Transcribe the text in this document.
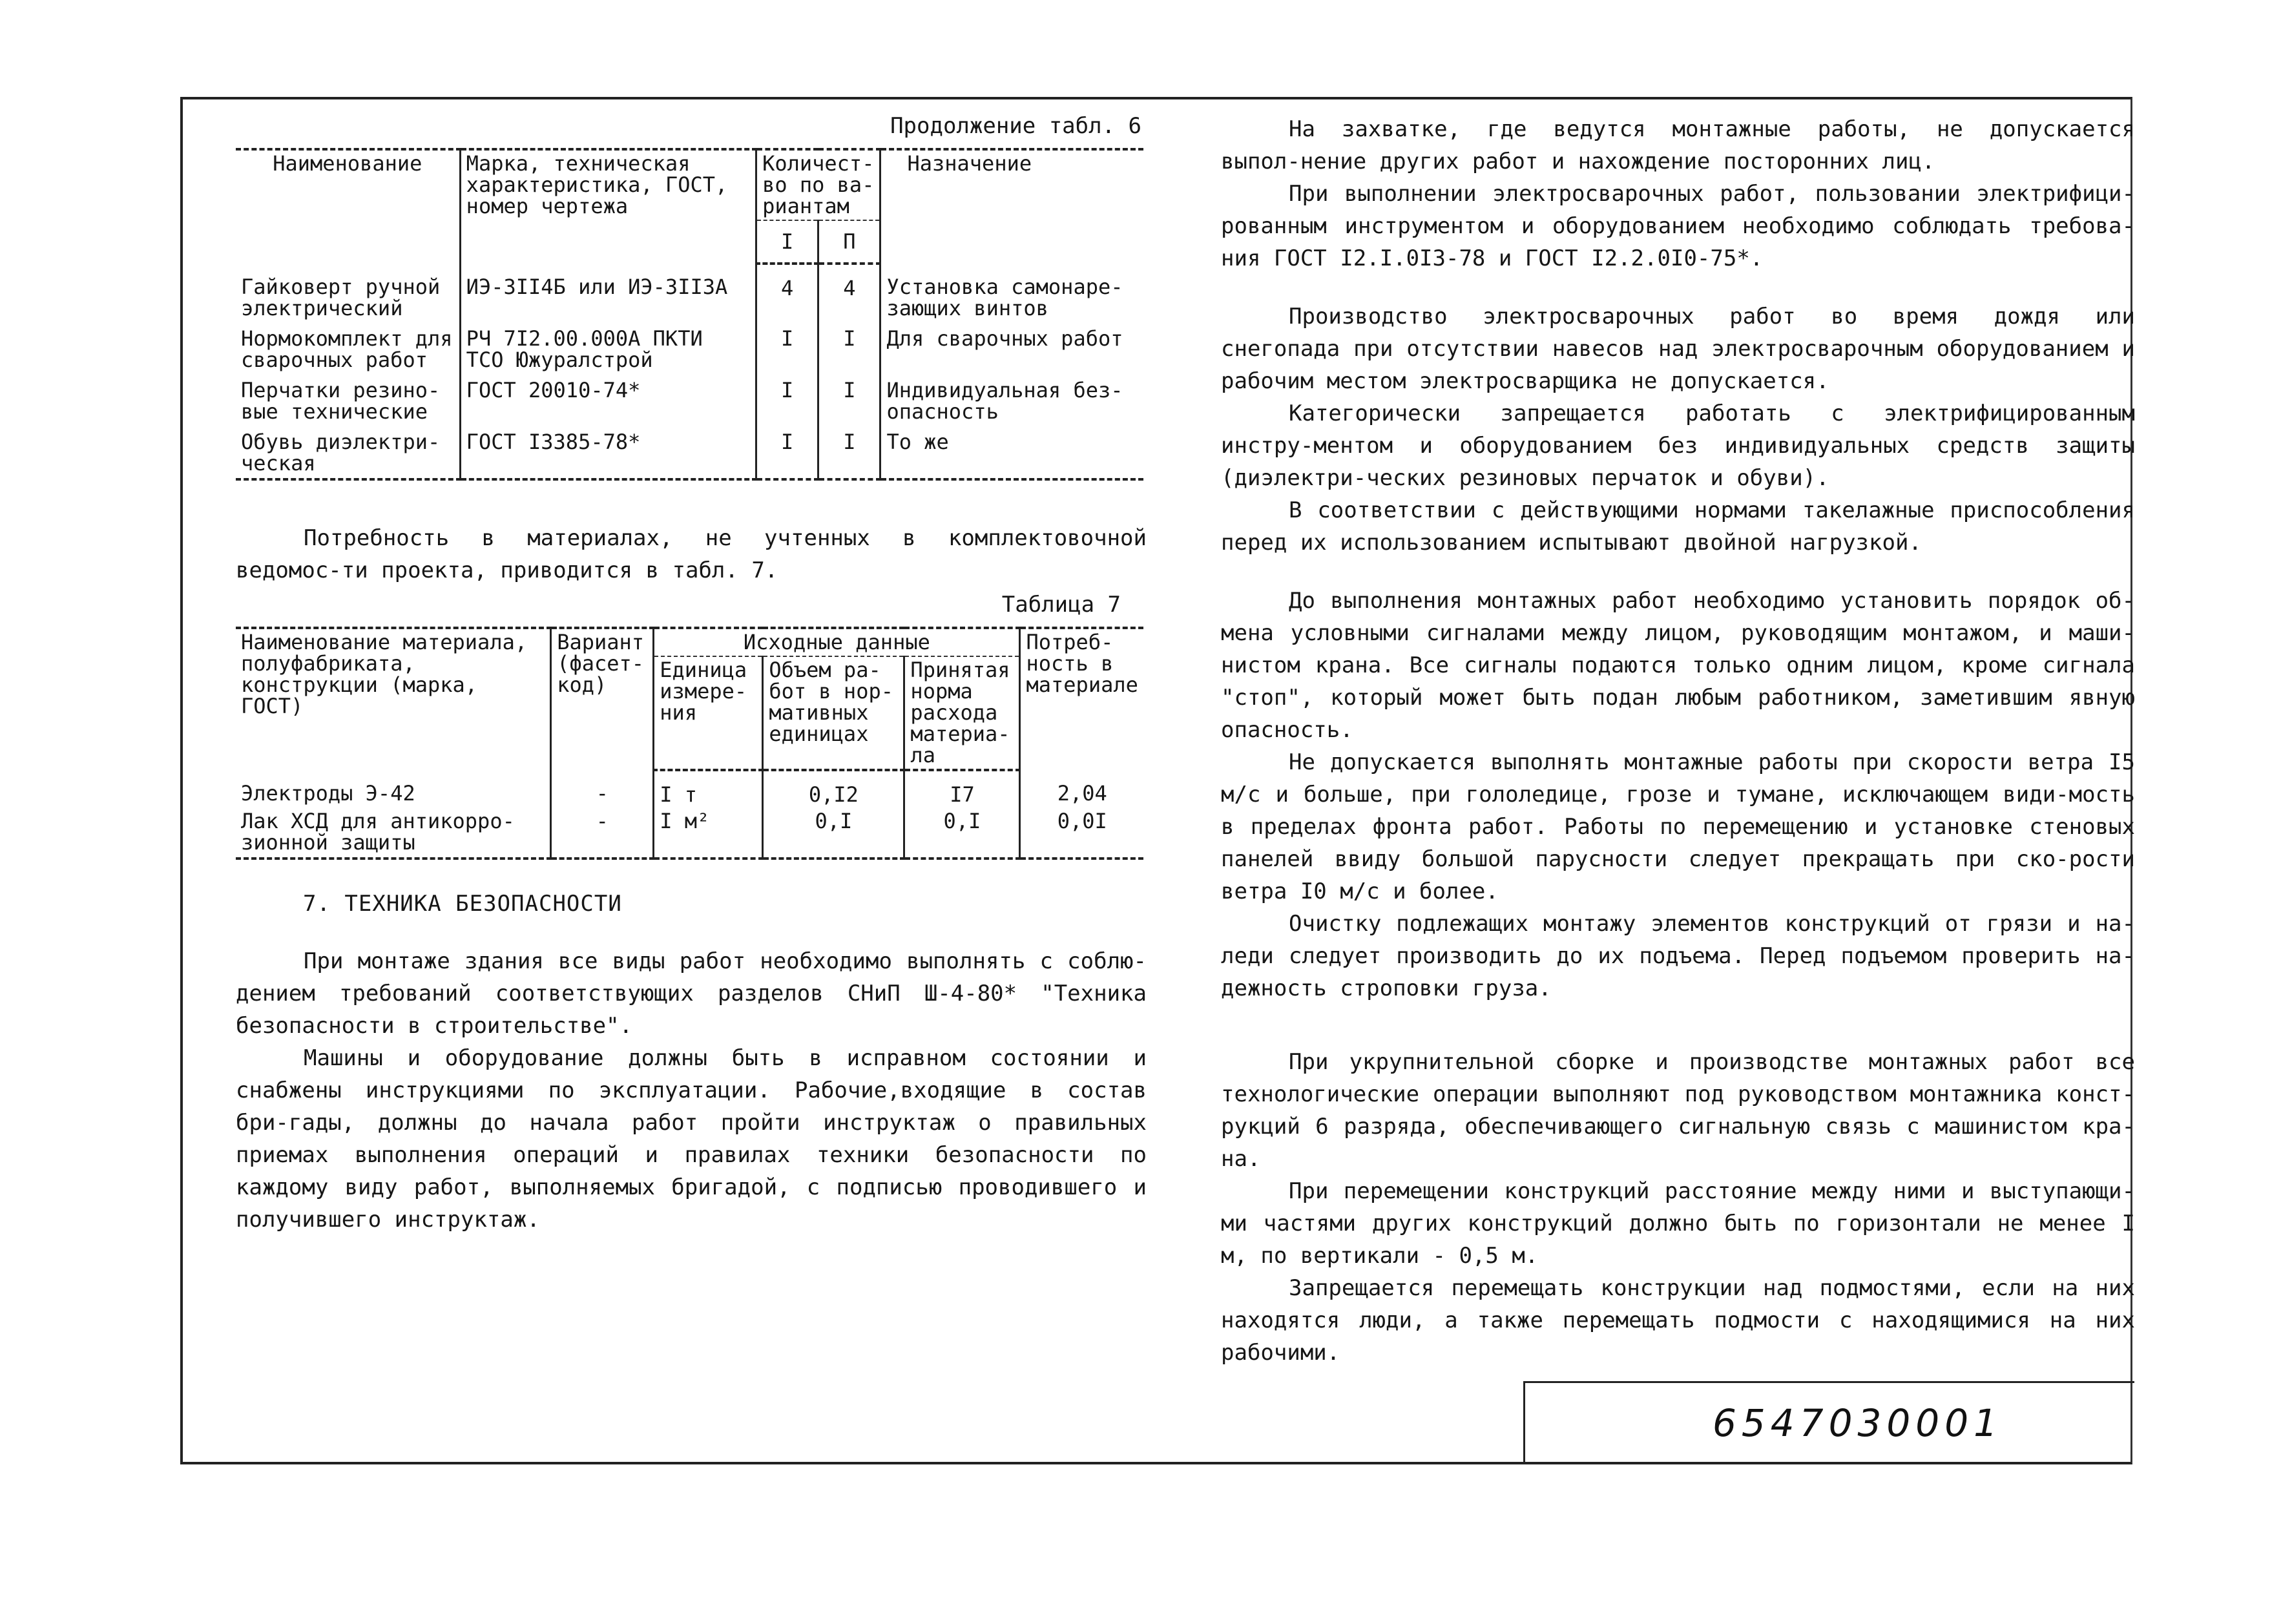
Продолжение табл. 6
Наименование	Марка, техническая характеристика, ГОСТ, номер чертежа	Количест-во по ва-риантам		Назначение
		I	П	
Гайковерт ручной электрический	ИЭ-3II4Б или ИЭ-3II3А	4	4	Установка самонаре-зающих винтов
Нормокомплект для сварочных работ	РЧ 7I2.00.000А ПКТИ ТСО Южуралстрой	I	I	Для сварочных работ
Перчатки резино-вые технические	ГОСТ 20010-74*	I	I	Индивидуальная без-опасность
Обувь диэлектри-ческая	ГОСТ I3385-78*	I	I	То же

Потребность в материалах, не учтенных в комплектовочной ведомос-ти проекта, приводится в табл. 7.

Таблица 7
Наименование материала, полуфабриката, конструкции (марка, ГОСТ)	Вариант (фасет-код)	Исходные данные			Потреб-ность в материале
		Единица измере-ния	Объем ра-бот в нор-мативных единицах	Принятая норма расхода материа-ла	
Электроды Э-42	-	I т	0,I2	I7	2,04
Лак ХСД для антикорро-зионной защиты	-	I м²	0,I	0,I	0,0I
7. ТЕХНИКА БЕЗОПАСНОСТИ

При монтаже здания все виды работ необходимо выполнять с соблю-дением требований соответствующих разделов СНиП Ш-4-80* "Техника безопасности в строительстве".

Машины и оборудование должны быть в исправном состоянии и снабжены инструкциями по эксплуатации. Рабочие,входящие в состав бри-гады, должны до начала работ пройти инструктаж о правильных приемах выполнения операций и правилах техники безопасности по каждому виду работ, выполняемых бригадой, с подписью проводившего и получившего инструктаж.

На захватке, где ведутся монтажные работы, не допускается выпол-нение других работ и нахождение посторонних лиц.

При выполнении электросварочных работ, пользовании электрифици-рованным инструментом и оборудованием необходимо соблюдать требова-ния ГОСТ I2.I.0I3-78 и ГОСТ I2.2.0I0-75*.

Производство электросварочных работ во время дождя или снегопада при отсутствии навесов над электросварочным оборудованием и рабочим местом электросварщика не допускается.

Категорически запрещается работать с электрифицированным инстру-ментом и оборудованием без индивидуальных средств защиты (диэлектри-ческих резиновых перчаток и обуви).

В соответствии с действующими нормами такелажные приспособления перед их использованием испытывают двойной нагрузкой.

До выполнения монтажных работ необходимо установить порядок об-мена условными сигналами между лицом, руководящим монтажом, и маши-нистом крана. Все сигналы подаются только одним лицом, кроме сигнала "стоп", который может быть подан любым работником, заметившим явную опасность.

Не допускается выполнять монтажные работы при скорости ветра I5 м/с и больше, при гололедице, грозе и тумане, исключающем види-мость в пределах фронта работ. Работы по перемещению и установке стеновых панелей ввиду большой парусности следует прекращать при ско-рости ветра I0 м/с и более.

Очистку подлежащих монтажу элементов конструкций от грязи и на-леди следует производить до их подъема. Перед подъемом проверить на-дежность строповки груза.

При укрупнительной сборке и производстве монтажных работ все технологические операции выполняют под руководством монтажника конст-рукций 6 разряда, обеспечивающего сигнальную связь с машинистом кра-на.

При перемещении конструкций расстояние между ними и выступающи-ми частями других конструкций должно быть по горизонтали не менее I м, по вертикали - 0,5 м.

Запрещается перемещать конструкции над подмостями, если на них находятся люди, а также перемещать подмости с находящимися на них рабочими.

6547030001
